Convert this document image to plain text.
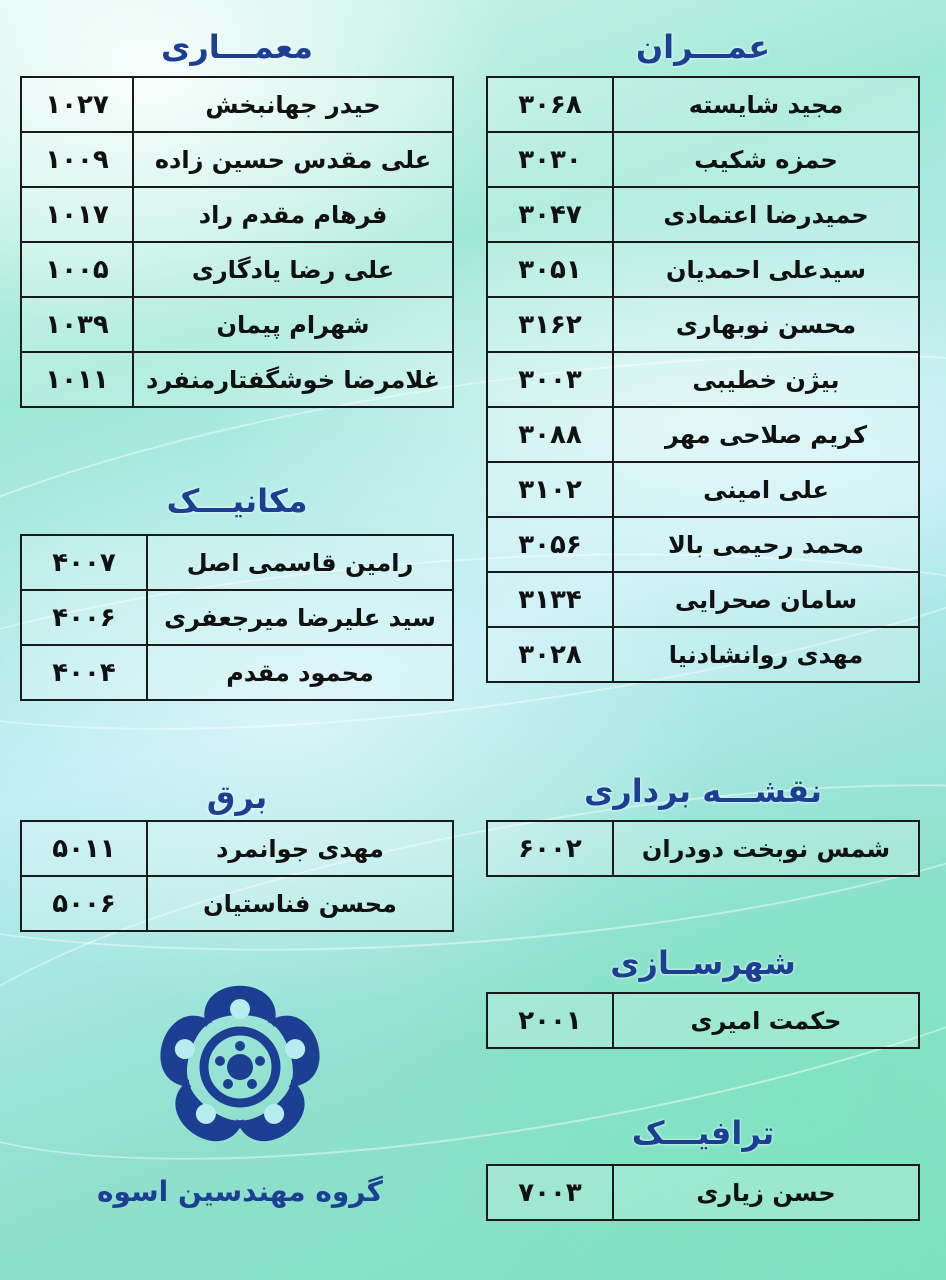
عمـــران
مجید شایسته	۳۰۶۸
حمزه شکیب	۳۰۳۰
حمیدرضا اعتمادی	۳۰۴۷
سیدعلی احمدیان	۳۰۵۱
محسن نوبهاری	۳۱۶۲
بیژن خطیبی	۳۰۰۳
کریم صلاحی مهر	۳۰۸۸
علی امینی	۳۱۰۲
محمد رحیمی بالا	۳۰۵۶
سامان صحرایی	۳۱۳۴
مهدی روانشادنیا	۳۰۲۸
معمـــاری
حیدر جهانبخش	۱۰۲۷
علی مقدس حسین زاده	۱۰۰۹
فرهام مقدم راد	۱۰۱۷
علی رضا یادگاری	۱۰۰۵
شهرام پیمان	۱۰۳۹
غلامرضا خوشگفتارمنفرد	۱۰۱۱
مکانیـــک
رامین قاسمی اصل	۴۰۰۷
سید علیرضا میرجعفری	۴۰۰۶
محمود مقدم	۴۰۰۴
برق
مهدی جوانمرد	۵۰۱۱
محسن فناستیان	۵۰۰۶
نقشـــه برداری
شمس نوبخت دودران	۶۰۰۲
شهرســازی
حکمت امیری	۲۰۰۱
ترافیـــک
حسن زیاری	۷۰۰۳
گروه مهندسین اسوه
